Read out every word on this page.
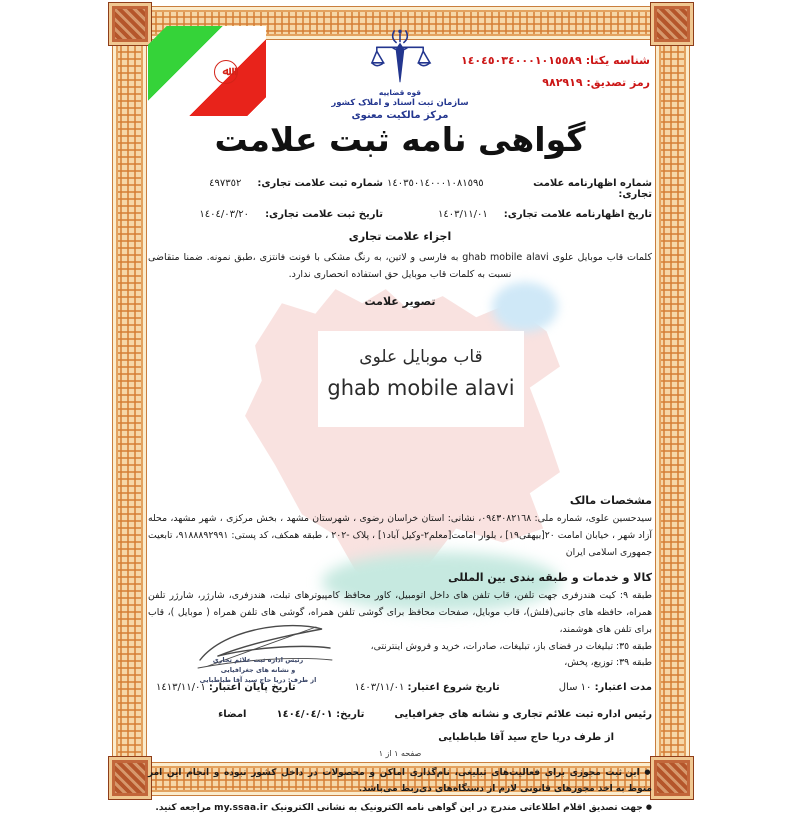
ﷲ
شناسه یکتا: ١٤٠٤٥٠٣٤٠٠٠١٠١٥٥٨٩
رمز تصدیق: ٩٨٢٩١٩
قوه قضاییه
سازمان ثبت اسناد و املاک کشور
مرکز مالکیت معنوی
گواهی نامه ثبت علامت
شماره اظهارنامه علامت تجاری:
١٤٠٣٥٠١٤٠٠٠١٠٨١٥٩٥
شماره ثبت علامت تجاری:
٤٩٧٣٥٢
تاریخ اظهارنامه علامت تجاری:
١٤٠٣/١١/٠١
تاریخ ثبت علامت تجاری:
١٤٠٤/٠٣/٢٠
اجزاء علامت تجاری
کلمات قاب موبایل علوی ghab mobile alavi به فارسی و لاتین، به رنگ مشکی با فونت فانتزی ،طبق نمونه. ضمنا متقاضی نسبت به کلمات قاب موبایل حق استفاده انحصاری ندارد.
تصویر علامت
مشخصات مالک
سیدحسین علوی، شماره ملی: ٠٩٤٣٠٨٢١٦٨، نشانی: استان خراسان رضوی ، شهرستان مشهد ، بخش مرکزی ، شهر مشهد، محله آزاد شهر ، خیابان امامت ٢٠[بیهقی١٩] ، بلوار امامت[معلم٢-وکیل آباد١] ، پلاک -٢٠٢ ، طبقه همکف، کد پستی: ٩١٨٨٨٩٢٩٩١، تابعیت جمهوری اسلامی ایران
کالا و خدمات و طبقه بندی بین المللی
طبقه ٩: کیت هندزفری جهت تلفن، قاب تلفن های داخل اتومبیل، کاور محافظ کامپیوترهای تبلت، هندزفری، شارژر، شارژر تلفن همراه، حافظه های جانبی(فلش)، قاب موبایل، صفحات محافظ برای گوشی تلفن همراه، گوشی های تلفن همراه ( موبایل )، قاب برای تلفن های هوشمند،
طبقه ٣٥: تبلیغات در فضای باز، تبلیغات، صادرات، خرید و فروش اینترنتی،
طبقه ٣٩: توزیع، پخش،
مدت اعتبار: ١٠ سال
تاریخ شروع اعتبار: ١٤٠٣/١١/٠١
تاریخ پایان اعتبار: ١٤١٣/١١/٠١
رئیس اداره ثبت علائم تجاری و نشانه های جغرافیایی
تاریخ: ١٤٠٤/٠٤/٠١
امضاء
از طرف دریا حاج سید آقا طباطبایی
● این ثبت مجوزی برای فعالیت‌های تبلیغی، نام‌گذاری اماکن و محصولات در داخل کشور نبوده و انجام این امر منوط به اخذ مجوزهای قانونی لازم از دستگاه‌های ذی‌ربط می‌باشد.
● جهت تصدیق اقلام اطلاعاتی مندرج در این گواهی نامه الکترونیک به نشانی الکترونیک my.ssaa.ir مراجعه کنید.
قاب موبایل علوی
ghab mobile alavi
رئیس اداره ثبت علائم تجاری
و نشانه های جغرافیایی
از طرف: دریا حاج سید آقا طباطبایی
صفحه ١ از ١
